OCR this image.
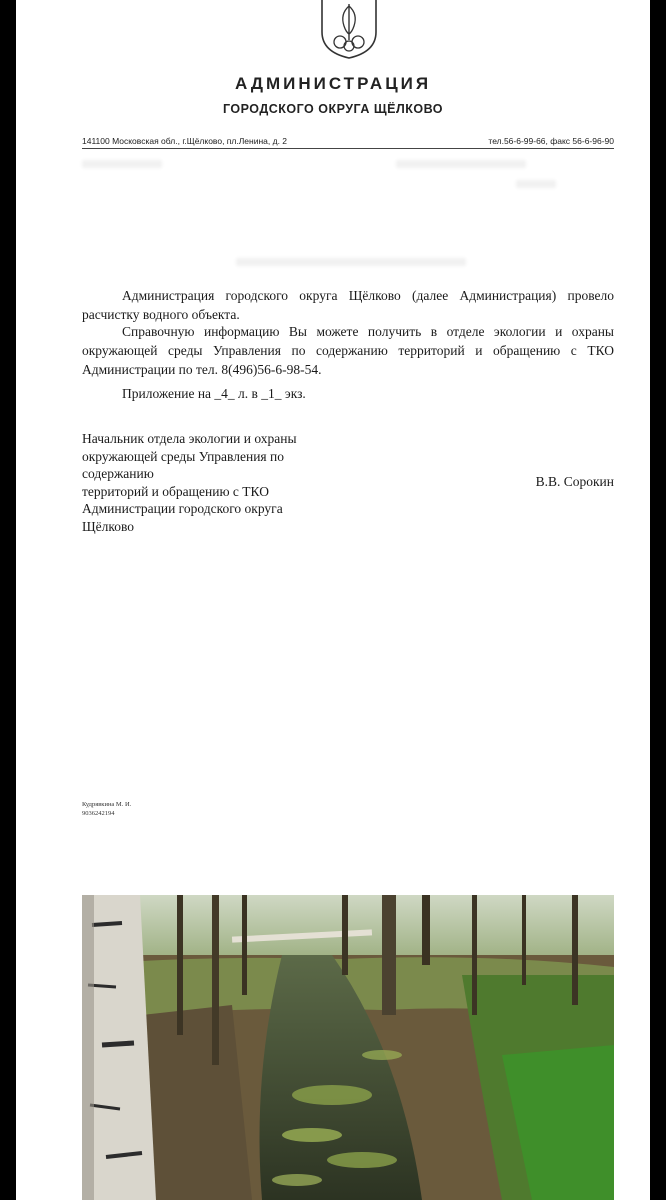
АДМИНИСТРАЦИЯ
ГОРОДСКОГО ОКРУГА ЩЁЛКОВО
141100 Московская обл., г.Щёлково, пл.Ленина, д. 2	тел.56-6-99-66, факс 56-6-96-90

Администрация городского округа Щёлково (далее Администрация) провело расчистку водного объекта.

Справочную информацию Вы можете получить в отделе экологии и охраны окружающей среды Управления по содержанию территорий и обращению с ТКО Администрации по тел. 8(496)56-6-98-54.

Приложение на _4_ л. в _1_ экз.

Начальник отдела экологии и охраны
окружающей среды Управления по
содержанию
территорий и обращению с ТКО
Администрации городского округа
Щёлково
В.В. Сорокин
Кудрявкина М. И.
9036242194
